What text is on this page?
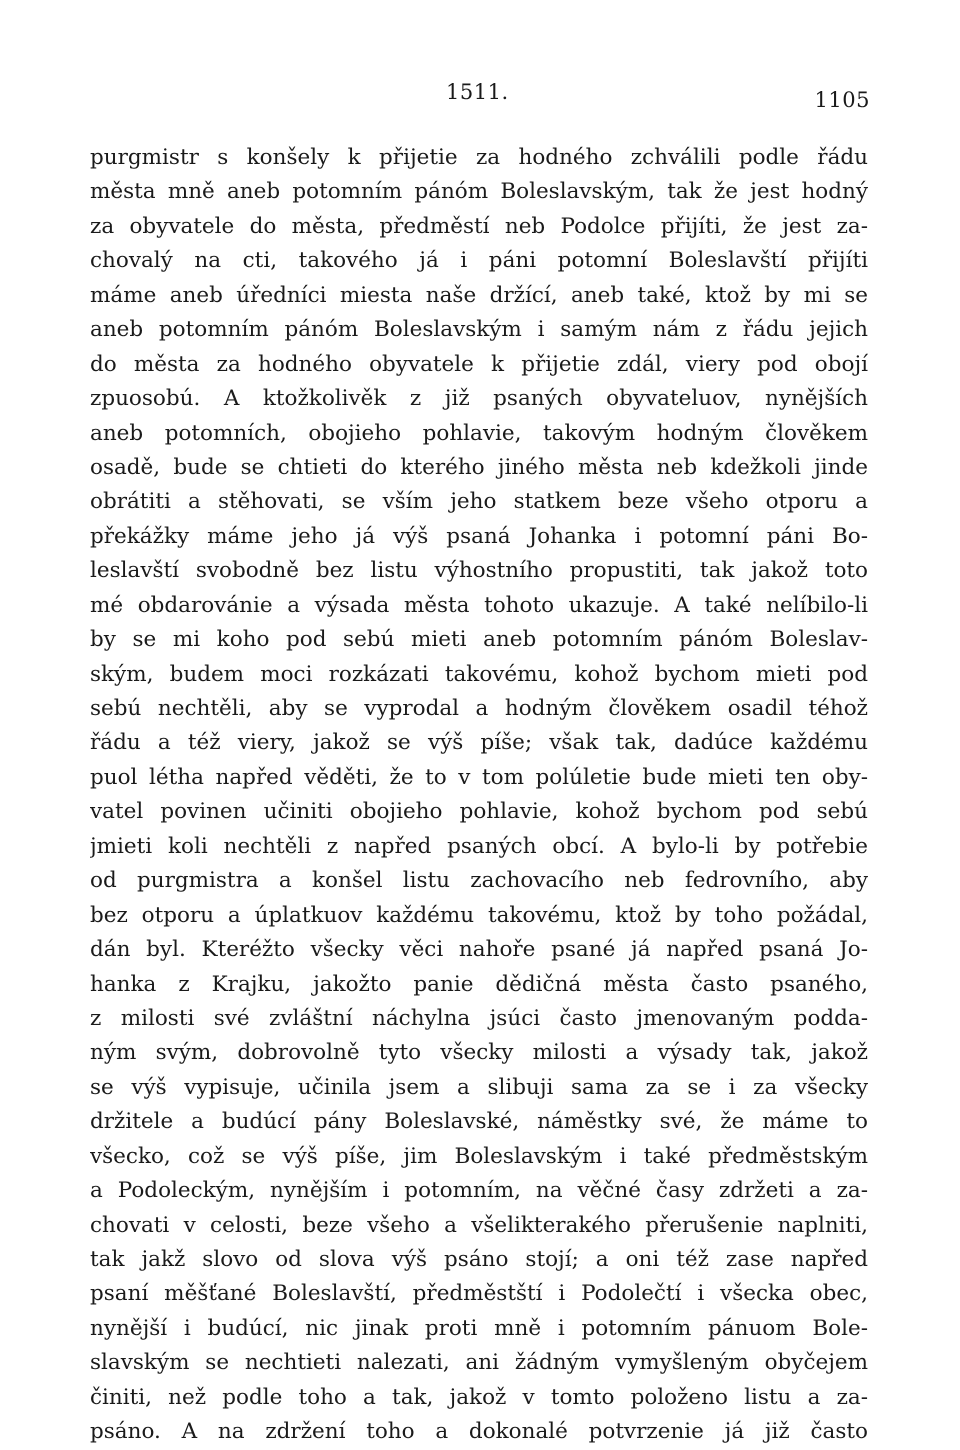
1511.	1105
purgmistr s konšely k přijetie za hodného zchválili podle řádu
města mně aneb potomním pánóm Boleslavským, tak že jest hodný
za obyvatele do města, předměstí neb Podolce přijíti, že jest za-
chovalý na cti, takového já i páni potomní Boleslavští přijíti
máme aneb úředníci miesta naše držící, aneb také, ktož by mi se
aneb potomním pánóm Boleslavským i samým nám z řádu jejich
do města za hodného obyvatele k přijetie zdál, viery pod obojí
zpuosobú. A ktožkolivěk z již psaných obyvateluov, nynějších
aneb potomních, obojieho pohlavie, takovým hodným člověkem
osadě, bude se chtieti do kterého jiného města neb kdežkoli jinde
obrátiti a stěhovati, se vším jeho statkem beze všeho otporu a
překážky máme jeho já výš psaná Johanka i potomní páni Bo-
leslavští svobodně bez listu výhostního propustiti, tak jakož toto
mé obdarovánie a výsada města tohoto ukazuje. A také nelíbilo-li
by se mi koho pod sebú mieti aneb potomním pánóm Boleslav-
ským, budem moci rozkázati takovému, kohož bychom mieti pod
sebú nechtěli, aby se vyprodal a hodným člověkem osadil téhož
řádu a též viery, jakož se výš píše; však tak, dadúce každému
puol létha napřed věděti, že to v tom polúletie bude mieti ten oby-
vatel povinen učiniti obojieho pohlavie, kohož bychom pod sebú
jmieti koli nechtěli z napřed psaných obcí. A bylo-li by potřebie
od purgmistra a konšel listu zachovacího neb fedrovního, aby
bez otporu a úplatkuov každému takovému, ktož by toho požádal,
dán byl. Kteréžto všecky věci nahoře psané já napřed psaná Jo-
hanka z Krajku, jakožto panie dědičná města často psaného,
z milosti své zvláštní náchylna jsúci často jmenovaným podda-
ným svým, dobrovolně tyto všecky milosti a výsady tak, jakož
se výš vypisuje, učinila jsem a slibuji sama za se i za všecky
držitele a budúcí pány Boleslavské, náměstky své, že máme to
všecko, což se výš píše, jim Boleslavským i také předměstským
a Podoleckým, nynějším i potomním, na věčné časy zdržeti a za-
chovati v celosti, beze všeho a všelikterakého přerušenie naplniti,
tak jakž slovo od slova výš psáno stojí; a oni též zase napřed
psaní měšťané Boleslavští, předměstští i Podolečtí i všecka obec,
nynější i budúcí, nic jinak proti mně i potomním pánuom Bole-
slavským se nechtieti nalezati, ani žádným vymyšleným obyčejem
činiti, než podle toho a tak, jakož v tomto položeno listu a za-
psáno. A na zdržení toho a dokonalé potvrzenie já již často
